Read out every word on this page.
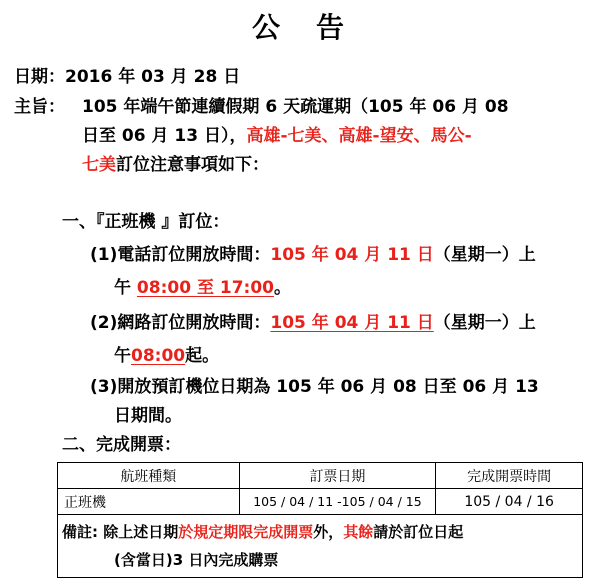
公　告
日期：2016 年 03 月 28 日
主旨： 105 年端午節連續假期 6 天疏運期（105 年 06 月 08
日至 06 月 13 日），高雄-七美、高雄-望安、馬公-
七美訂位注意事項如下：
一、『正班機 』訂位：
(1)電話訂位開放時間：105 年 04 月 11 日（星期一）上
午 08:00 至 17:00。
(2)網路訂位開放時間：105 年 04 月 11 日（星期一）上
午08:00起。
(3)開放預訂機位日期為 105 年 06 月 08 日至 06 月 13
日期間。
二、完成開票：
航班種類	訂票日期	完成開票時間
正班機	105 / 04 / 11 -105 / 04 / 15	105 / 04 / 16

備註: 除上述日期於規定期限完成開票外，其餘請於訂位日起
(含當日)3 日內完成購票		
